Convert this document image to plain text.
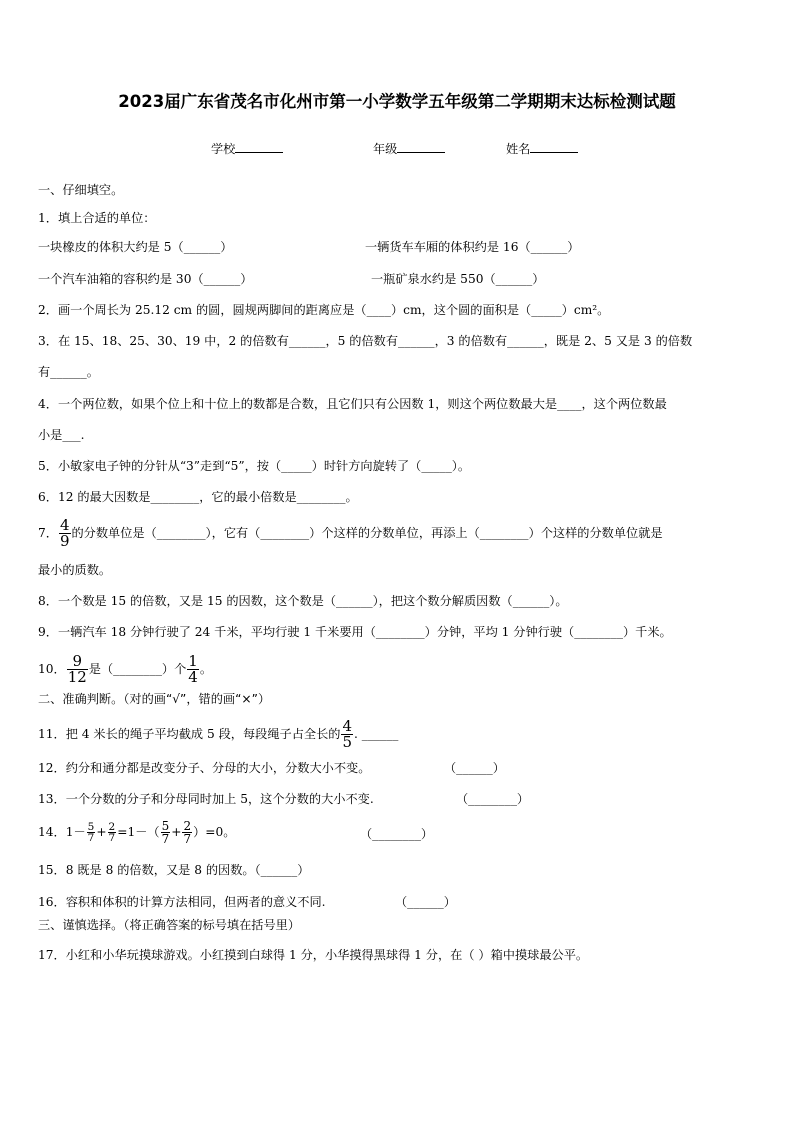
2023届广东省茂名市化州市第一小学数学五年级第二学期期末达标检测试题
学校	年级	姓名
一、仔细填空。
1．填上合适的单位：
一块橡皮的体积大约是 5（______）	一辆货车车厢的体积约是 16（______）
一个汽车油箱的容积约是 30（______）	一瓶矿泉水约是 550（______）
2．画一个周长为 25.12 cm 的圆，圆规两脚间的距离应是（____）cm，这个圆的面积是（_____）cm²。
3．在 15、18、25、30、19 中，2 的倍数有______，5 的倍数有______，3 的倍数有______，既是 2、5 又是 3 的倍数
有______。
4．一个两位数，如果个位上和十位上的数都是合数，且它们只有公因数 1，则这个两位数最大是____，这个两位数最
小是___.
5．小敏家电子钟的分针从“3”走到“5”，按（_____）时针方向旋转了（_____）。
6．12 的最大因数是________，它的最小倍数是________。
7． $\frac{4}{9}$ 的分数单位是（________），它有（________）个这样的分数单位，再添上（________）个这样的分数单位就是
最小的质数。
8．一个数是 15 的倍数，又是 15 的因数，这个数是（______），把这个数分解质因数（______）。
9．一辆汽车 18 分钟行驶了 24 千米，平均行驶 1 千米要用（________）分钟，平均 1 分钟行驶（________）千米。
10． $\frac{9}{12}$ 是（________）个 $\frac{1}{4}$ 。
二、准确判断。（对的画“√”，错的画“×”）
11．把 4 米长的绳子平均截成 5 段，每段绳子占全长的 $\frac{4}{5}$ . ______
12．约分和通分都是改变分子、分母的大小，分数大小不变。	（______）
13．一个分数的分子和分母同时加上 5，这个分数的大小不变.	（________）
14．$1- \frac{5}{7} + \frac{2}{7} =1-( \frac{5}{7} + \frac{2}{7} )=0$。	（________）
15．8 既是 8 的倍数，又是 8 的因数。（______）
16．容积和体积的计算方法相同，但两者的意义不同.	（______）
三、谨慎选择。（将正确答案的标号填在括号里）
17．小红和小华玩摸球游戏。小红摸到白球得 1 分，小华摸得黑球得 1 分，在（ ）箱中摸球最公平。
